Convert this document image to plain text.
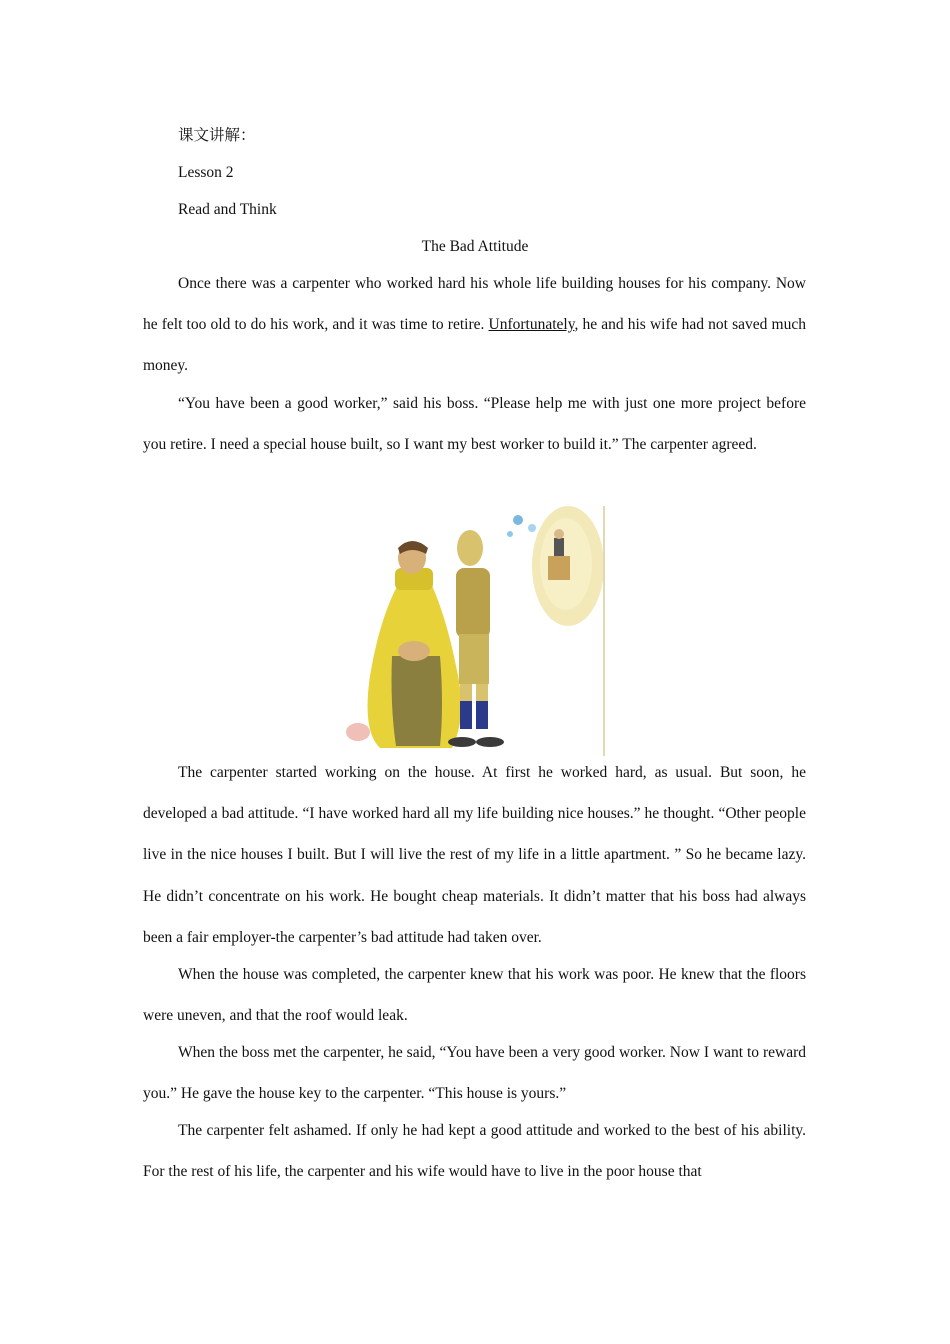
课文讲解：
Lesson 2
Read and Think
The Bad Attitude

Once there was a carpenter who worked hard his whole life building houses for his company. Now he felt too old to do his work, and it was time to retire. Unfortunately, he and his wife had not saved much money.

“You have been a good worker,” said his boss. “Please help me with just one more project before you retire. I need a special house built, so I want my best worker to build it.” The carpenter agreed.

The carpenter started working on the house. At first he worked hard, as usual. But soon, he developed a bad attitude. “I have worked hard all my life building nice houses.” he thought. “Other people live in the nice houses I built. But I will live the rest of my life in a little apartment. ” So he became lazy. He didn’t concentrate on his work. He bought cheap materials. It didn’t matter that his boss had always been a fair employer-the carpenter’s bad attitude had taken over.

When the house was completed, the carpenter knew that his work was poor. He knew that the floors were uneven, and that the roof would leak.

When the boss met the carpenter, he said, “You have been a very good worker. Now I want to reward you.” He gave the house key to the carpenter. “This house is yours.”

The carpenter felt ashamed. If only he had kept a good attitude and worked to the best of his ability. For the rest of his life, the carpenter and his wife would have to live in the poor house that
